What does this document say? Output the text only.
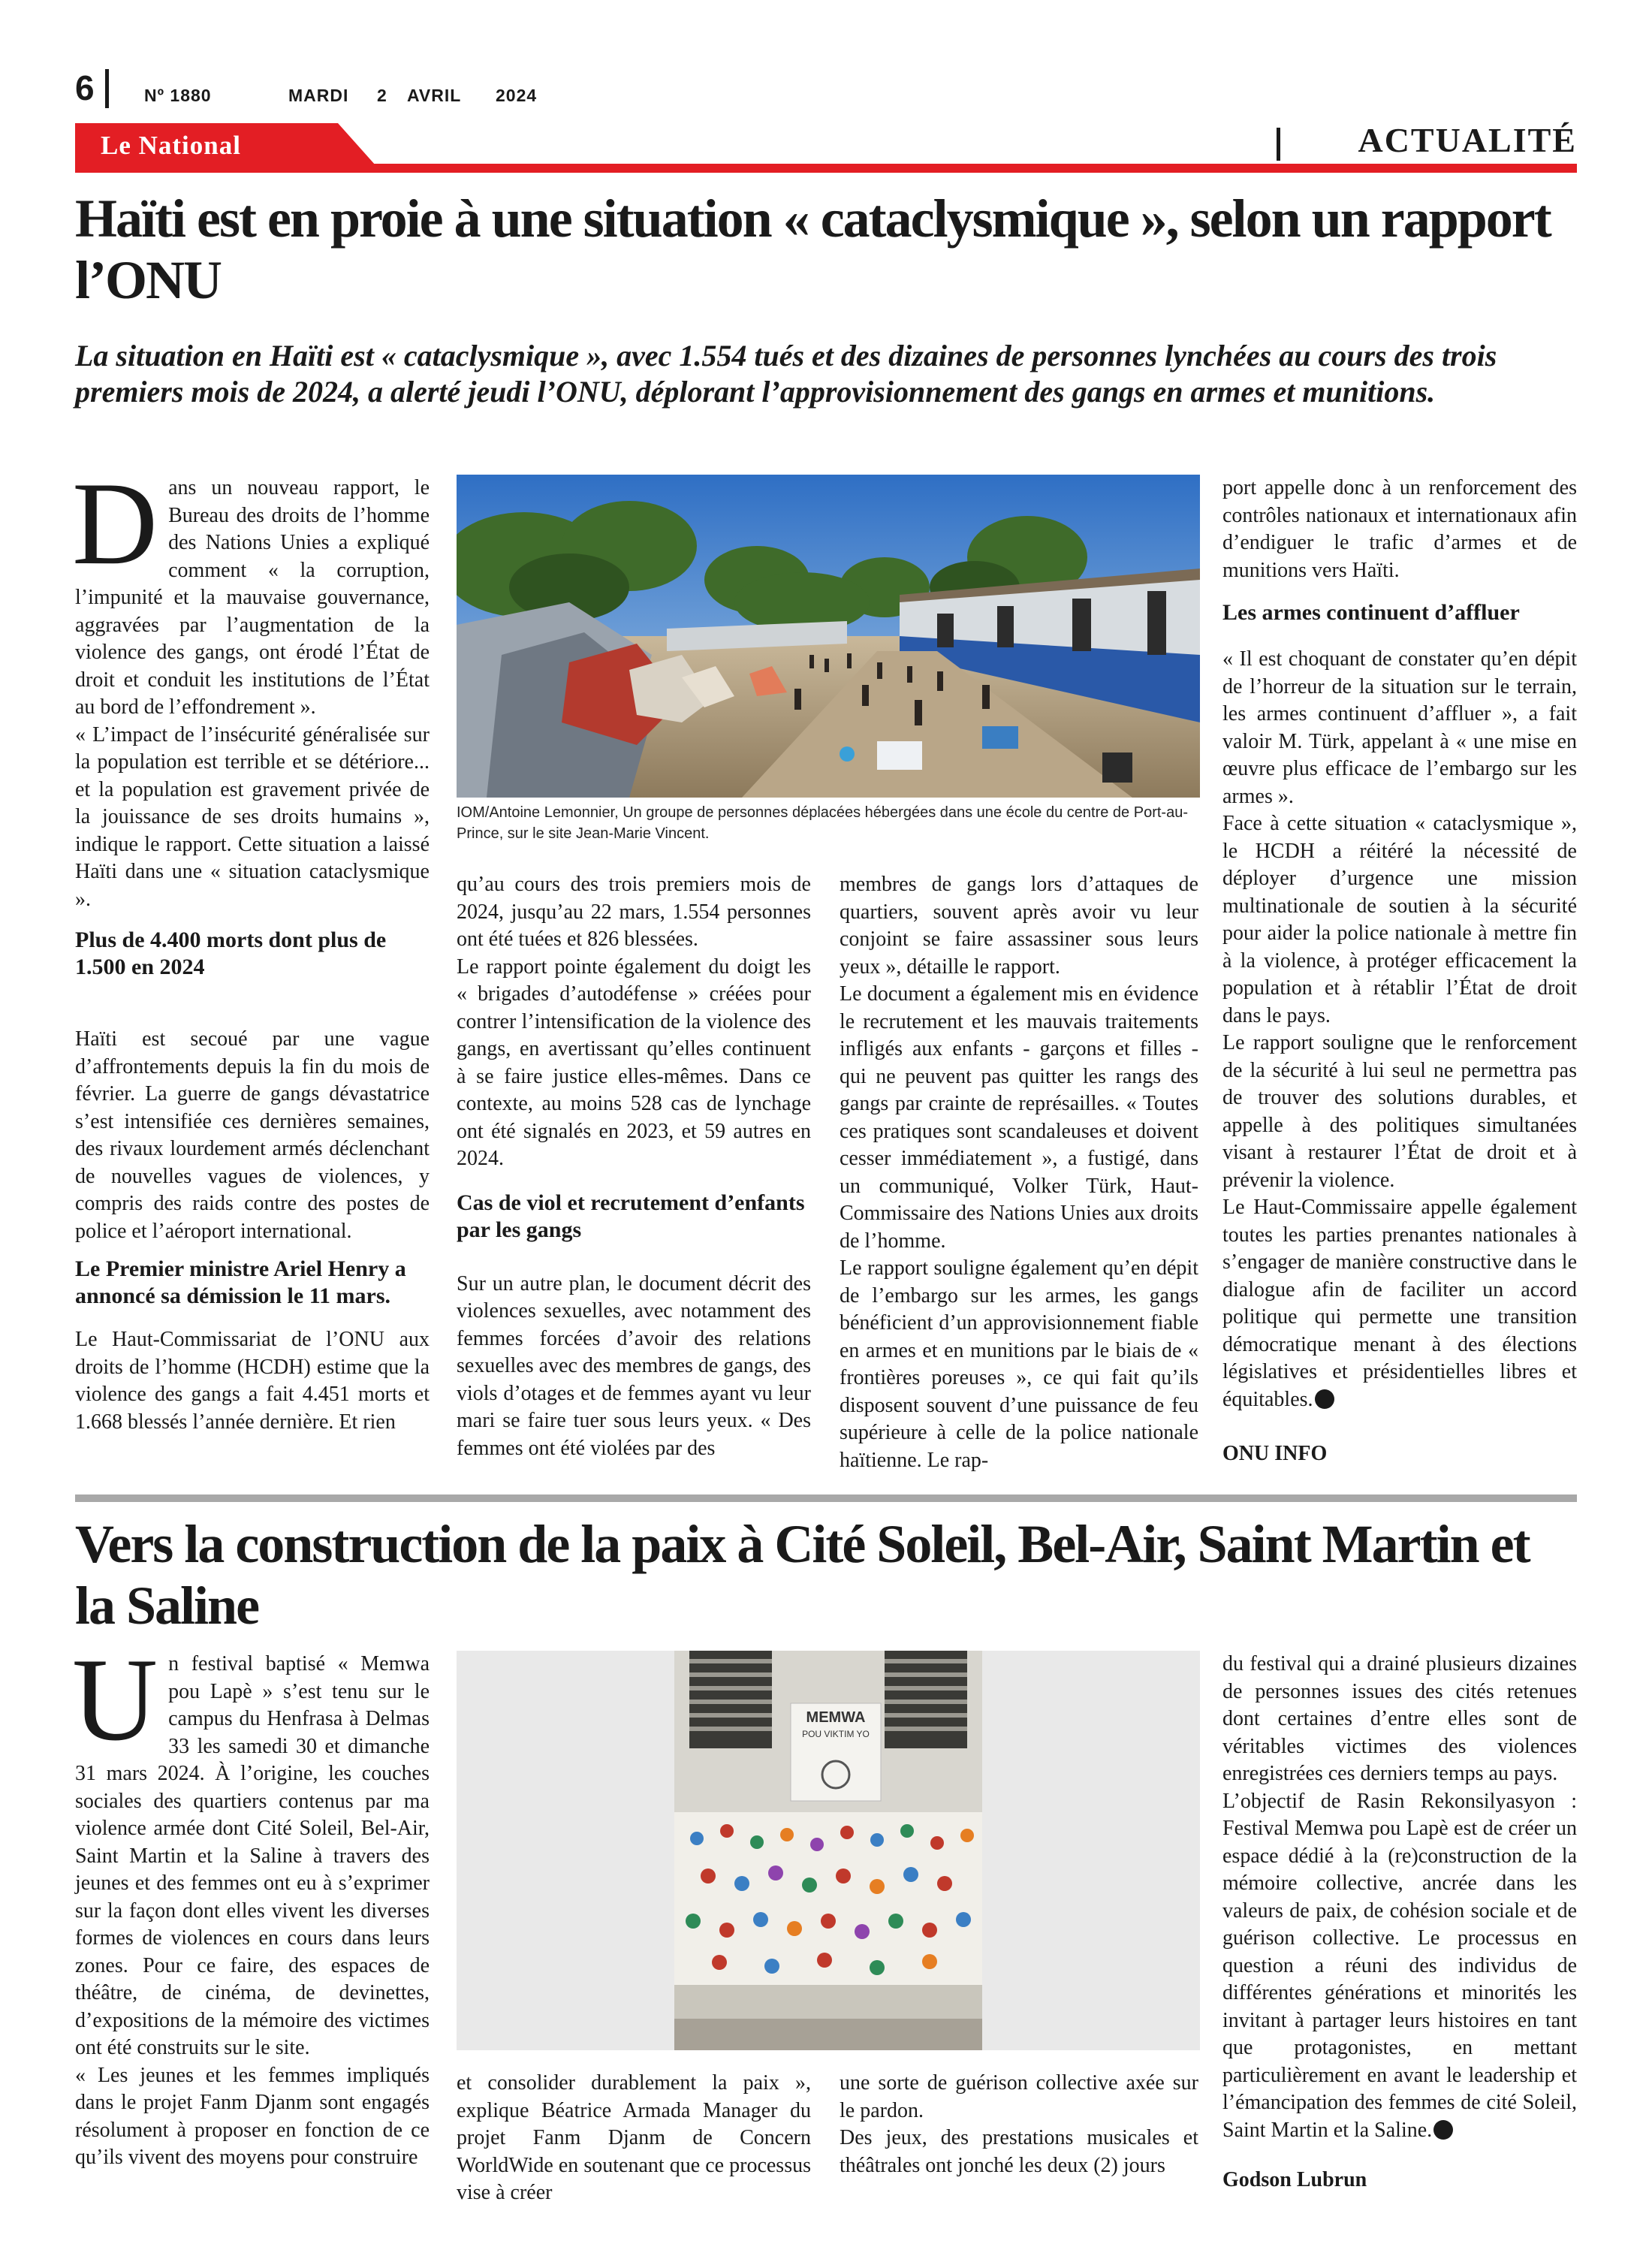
6	Nº 1880	MARDI 2 AVRIL 2024
Le National	ACTUALITÉ
Haïti est en proie à une situation « cataclysmique », selon un rapport l’ONU
La situation en Haïti est « cataclysmique », avec 1.554 tués et des dizaines de personnes lynchées au cours des trois premiers mois de 2024, a alerté jeudi l’ONU, déplorant l’approvisionnement des gangs en armes et munitions.

Dans un nouveau rapport, le Bureau des droits de l’homme des Nations Unies a expliqué comment « la corruption, l’impunité et la mauvaise gouvernance, aggravées par l’augmentation de la violence des gangs, ont érodé l’État de droit et conduit les institutions de l’État au bord de l’effondrement ».

« L’impact de l’insécurité généralisée sur la population est terrible et se détériore... et la population est gravement privée de la jouissance de ses droits humains », indique le rapport. Cette situation a laissé Haïti dans une « situation cataclysmique ».

Plus de 4.400 morts dont plus de 1.500 en 2024

Haïti est secoué par une vague d’affrontements depuis la fin du mois de février. La guerre de gangs dévastatrice s’est intensifiée ces dernières semaines, des rivaux lourdement armés déclenchant de nouvelles vagues de violences, y compris des raids contre des postes de police et l’aéroport international.

Le Premier ministre Ariel Henry a annoncé sa démission le 11 mars.

Le Haut-Commissariat de l’ONU aux droits de l’homme (HCDH) estime que la violence des gangs a fait 4.451 morts et 1.668 blessés l’année dernière. Et rien

IOM/Antoine Lemonnier, Un groupe de personnes déplacées hébergées dans une école du centre de Port-au-Prince, sur le site Jean-Marie Vincent.

qu’au cours des trois premiers mois de 2024, jusqu’au 22 mars, 1.554 personnes ont été tuées et 826 blessées.

Le rapport pointe également du doigt les « brigades d’autodéfense » créées pour contrer l’intensification de la violence des gangs, en avertissant qu’elles continuent à se faire justice elles-mêmes. Dans ce contexte, au moins 528 cas de lynchage ont été signalés en 2023, et 59 autres en 2024.

Cas de viol et recrutement d’enfants par les gangs

Sur un autre plan, le document décrit des violences sexuelles, avec notamment des femmes forcées d’avoir des relations sexuelles avec des membres de gangs, des viols d’otages et de femmes ayant vu leur mari se faire tuer sous leurs yeux. « Des femmes ont été violées par des

membres de gangs lors d’attaques de quartiers, souvent après avoir vu leur conjoint se faire assassiner sous leurs yeux », détaille le rapport.

Le document a également mis en évidence le recrutement et les mauvais traitements infligés aux enfants - garçons et filles - qui ne peuvent pas quitter les rangs des gangs par crainte de représailles. « Toutes ces pratiques sont scandaleuses et doivent cesser immédiatement », a fustigé, dans un communiqué, Volker Türk, Haut-Commissaire des Nations Unies aux droits de l’homme.

Le rapport souligne également qu’en dépit de l’embargo sur les armes, les gangs bénéficient d’un approvisionnement fiable en armes et en munitions par le biais de « frontières poreuses », ce qui fait qu’ils disposent souvent d’une puissance de feu supérieure à celle de la police nationale haïtienne. Le rap-

port appelle donc à un renforcement des contrôles nationaux et internationaux afin d’endiguer le trafic d’armes et de munitions vers Haïti.

Les armes continuent d’affluer

« Il est choquant de constater qu’en dépit de l’horreur de la situation sur le terrain, les armes continuent d’affluer », a fait valoir M. Türk, appelant à « une mise en œuvre plus efficace de l’embargo sur les armes ».

Face à cette situation « cataclysmique », le HCDH a réitéré la nécessité de déployer d’urgence une mission multinationale de soutien à la sécurité pour aider la police nationale à mettre fin à la violence, à protéger efficacement la population et à rétablir l’État de droit dans le pays.

Le rapport souligne que le renforcement de la sécurité à lui seul ne permettra pas de trouver des solutions durables, et appelle à des politiques simultanées visant à restaurer l’État de droit et à prévenir la violence.

Le Haut-Commissaire appelle également toutes les parties prenantes nationales à s’engager de manière constructive dans le dialogue afin de faciliter un accord politique qui permette une transition démocratique menant à des élections législatives et présidentielles libres et équitables.

ONU INFO

Vers la construction de la paix à Cité Soleil, Bel-Air, Saint Martin et la Saline

Un festival baptisé « Memwa pou Lapè » s’est tenu sur le campus du Henfrasa à Delmas 33 les samedi 30 et dimanche 31 mars 2024. À l’origine, les couches sociales des quartiers contenus par ma violence armée dont Cité Soleil, Bel-Air, Saint Martin et la Saline à travers des jeunes et des femmes ont eu à s’exprimer sur la façon dont elles vivent les diverses formes de violences en cours dans leurs zones. Pour ce faire, des espaces de théâtre, de cinéma, de devinettes, d’expositions de la mémoire des victimes ont été construits sur le site.

« Les jeunes et les femmes impliqués dans le projet Fanm Djanm sont engagés résolument à proposer en fonction de ce qu’ils vivent des moyens pour construire

MEMWA
POU VIKTIM YO

et consolider durablement la paix », explique Béatrice Armada Manager du projet Fanm Djanm de Concern WorldWide en soutenant que ce processus vise à créer

une sorte de guérison collective axée sur le pardon.

Des jeux, des prestations musicales et théâtrales ont jonché les deux (2) jours

du festival qui a drainé plusieurs dizaines de personnes issues des cités retenues dont certaines d’entre elles sont de véritables victimes des violences enregistrées ces derniers temps au pays.

L’objectif de Rasin Rekonsilyasyon : Festival Memwa pou Lapè est de créer un espace dédié à la (re)construction de la mémoire collective, ancrée dans les valeurs de paix, de cohésion sociale et de guérison collective. Le processus en question a réuni des individus de différentes générations et minorités les invitant à partager leurs histoires en tant que protagonistes, en mettant particulièrement en avant le leadership et l’émancipation des femmes de cité Soleil, Saint Martin et la Saline.

Godson Lubrun
